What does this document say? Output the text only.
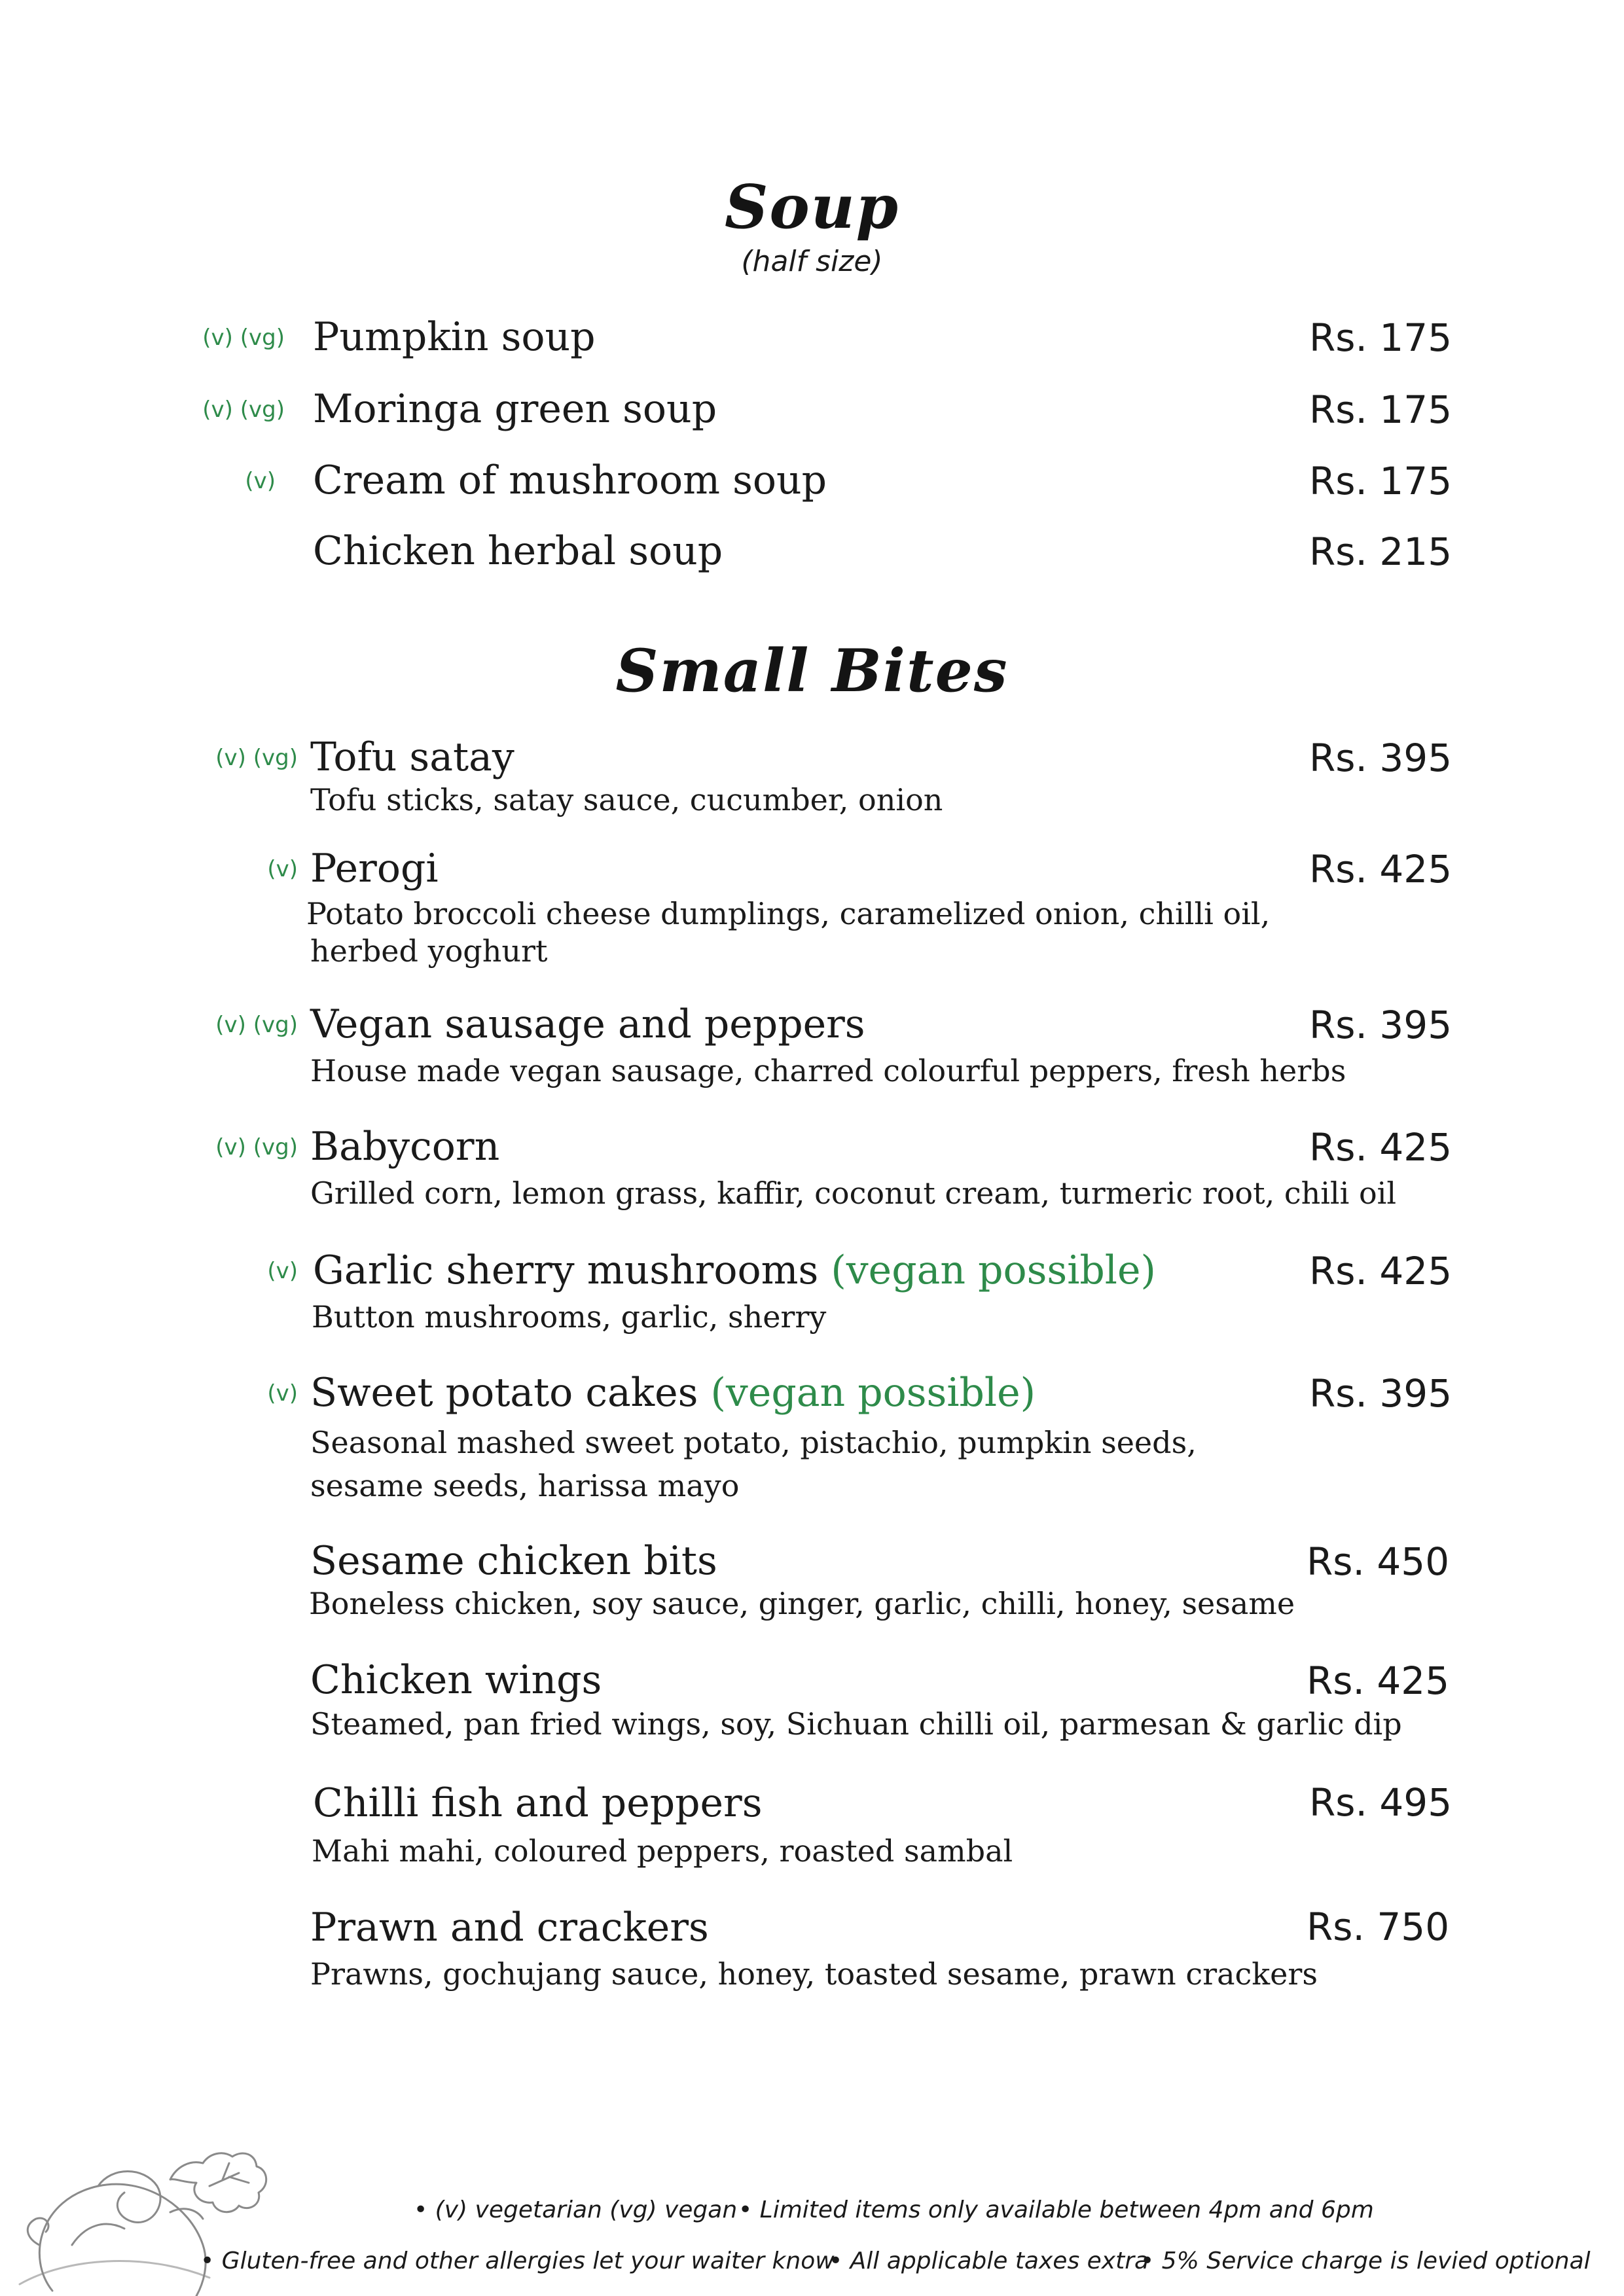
Soup
(half size)
(v) (vg) Pumpkin soup	Rs. 175
(v) (vg) Moringa green soup	Rs. 175
(v) Cream of mushroom soup	Rs. 175
Chicken herbal soup	Rs. 215
Small Bites
(v) (vg) Tofu satay	Rs. 395
Tofu sticks, satay sauce, cucumber, onion
(v) Perogi	Rs. 425
Potato broccoli cheese dumplings, caramelized onion, chilli oil,
herbed yoghurt
(v) (vg) Vegan sausage and peppers	Rs. 395
House made vegan sausage, charred colourful peppers, fresh herbs
(v) (vg) Babycorn	Rs. 425
Grilled corn, lemon grass, kaffir, coconut cream, turmeric root, chili oil
(v) Garlic sherry mushrooms (vegan possible)	Rs. 425
Button mushrooms, garlic, sherry
(v) Sweet potato cakes (vegan possible)	Rs. 395
Seasonal mashed sweet potato, pistachio, pumpkin seeds,
sesame seeds, harissa mayo
Sesame chicken bits	Rs. 450
Boneless chicken, soy sauce, ginger, garlic, chilli, honey, sesame
Chicken wings	Rs. 425
Steamed, pan fried wings, soy, Sichuan chilli oil, parmesan & garlic dip
Chilli fish and peppers	Rs. 495
Mahi mahi, coloured peppers, roasted sambal
Prawn and crackers	Rs. 750
Prawns, gochujang sauce, honey, toasted sesame, prawn crackers
• (v) vegetarian (vg) vegan • Limited items only available between 4pm and 6pm
• Gluten-free and other allergies let your waiter know
• All applicable taxes extra
• 5% Service charge is levied optional
